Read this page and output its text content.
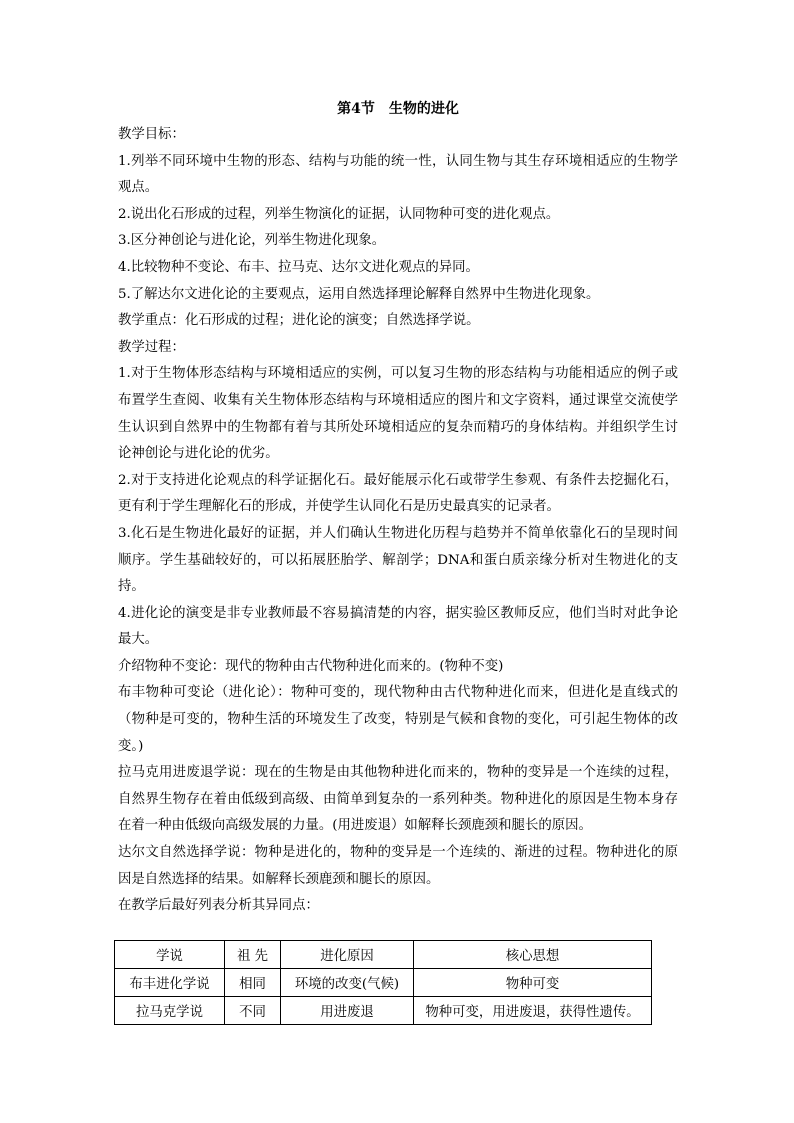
第4节　生物的进化

教学目标：

1.列举不同环境中生物的形态、结构与功能的统一性，认同生物与其生存环境相适应的生物学观点。

2.说出化石形成的过程，列举生物演化的证据，认同物种可变的进化观点。

3.区分神创论与进化论，列举生物进化现象。

4.比较物种不变论、布丰、拉马克、达尔文进化观点的异同。

5.了解达尔文进化论的主要观点，运用自然选择理论解释自然界中生物进化现象。

教学重点：化石形成的过程；进化论的演变；自然选择学说。

教学过程：

1.对于生物体形态结构与环境相适应的实例，可以复习生物的形态结构与功能相适应的例子或布置学生查阅、收集有关生物体形态结构与环境相适应的图片和文字资料，通过课堂交流使学生认识到自然界中的生物都有着与其所处环境相适应的复杂而精巧的身体结构。并组织学生讨论神创论与进化论的优劣。

2.对于支持进化论观点的科学证据化石。最好能展示化石或带学生参观、有条件去挖掘化石，更有利于学生理解化石的形成，并使学生认同化石是历史最真实的记录者。

3.化石是生物进化最好的证据，并人们确认生物进化历程与趋势并不简单依靠化石的呈现时间顺序。学生基础较好的，可以拓展胚胎学、解剖学；DNA和蛋白质亲缘分析对生物进化的支持。

4.进化论的演变是非专业教师最不容易搞清楚的内容，据实验区教师反应，他们当时对此争论最大。

介绍物种不变论：现代的物种由古代物种进化而来的。(物种不变)

布丰物种可变论（进化论）：物种可变的，现代物种由古代物种进化而来，但进化是直线式的（物种是可变的，物种生活的环境发生了改变，特别是气候和食物的变化，可引起生物体的改变。)

拉马克用进废退学说：现在的生物是由其他物种进化而来的，物种的变异是一个连续的过程，自然界生物存在着由低级到高级、由简单到复杂的一系列种类。物种进化的原因是生物本身存在着一种由低级向高级发展的力量。(用进废退）如解释长颈鹿颈和腿长的原因。

达尔文自然选择学说：物种是进化的，物种的变异是一个连续的、渐进的过程。物种进化的原因是自然选择的结果。如解释长颈鹿颈和腿长的原因。

在教学后最好列表分析其异同点：

学说	祖 先	进化原因	核心思想
布丰进化学说	相同	环境的改变(气候)	物种可变
拉马克学说	不同	用进废退	物种可变，用进废退，获得性遗传。
